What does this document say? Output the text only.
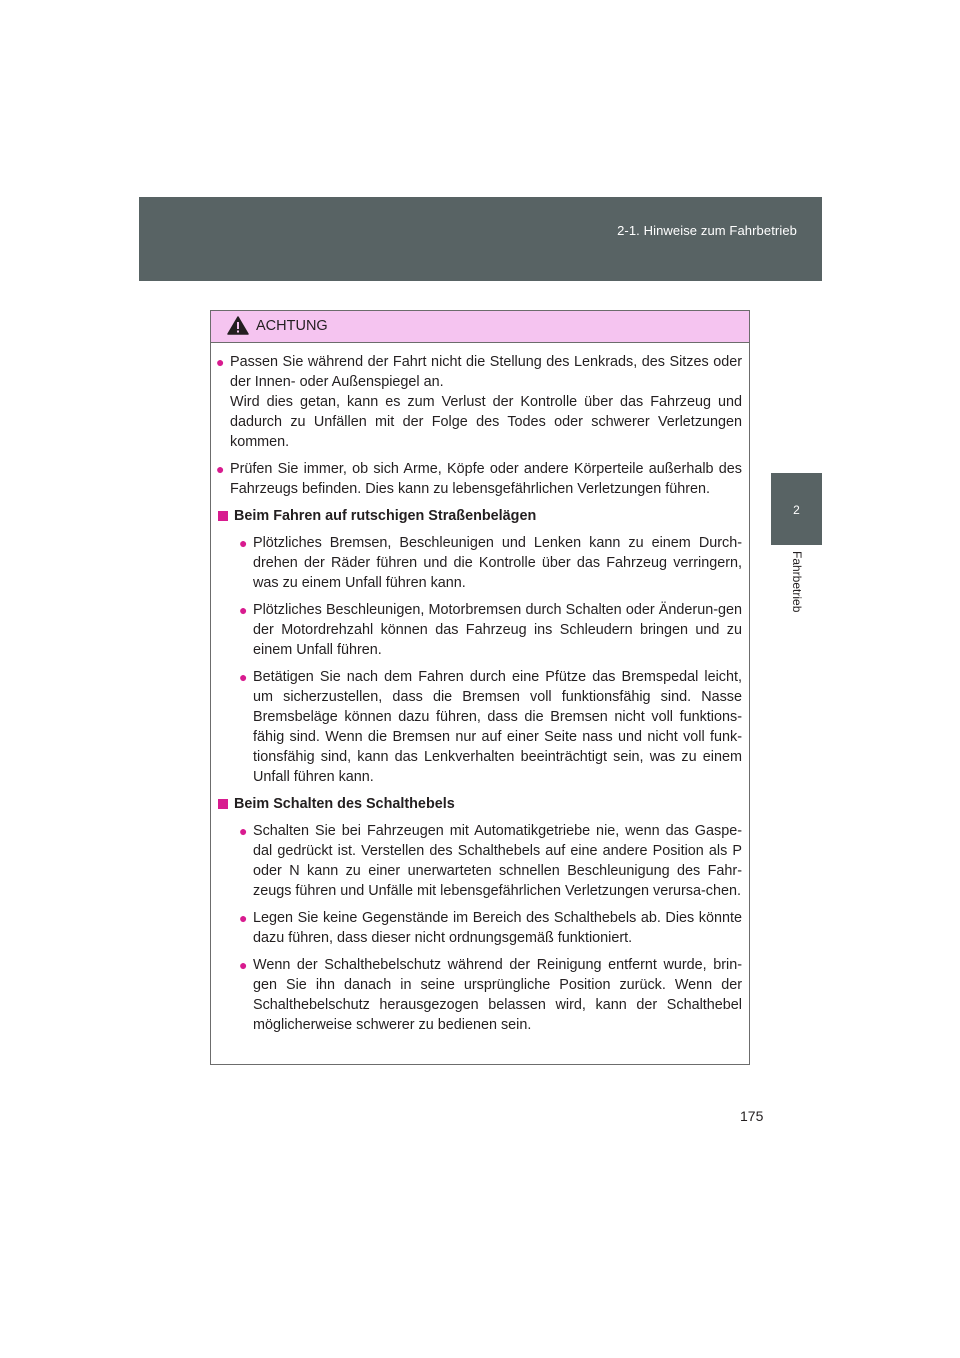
2-1. Hinweise zum Fahrbetrieb
2
Fahrbetrieb
ACHTUNG
● Passen Sie während der Fahrt nicht die Stellung des Lenkrads, des Sitzes oder der Innen- oder Außenspiegel an.
Wird dies getan, kann es zum Verlust der Kontrolle über das Fahrzeug und dadurch zu Unfällen mit der Folge des Todes oder schwerer Verletzungen kommen.
● Prüfen Sie immer, ob sich Arme, Köpfe oder andere Körperteile außerhalb des Fahrzeugs befinden. Dies kann zu lebensgefährlichen Verletzungen führen.
Beim Fahren auf rutschigen Straßenbelägen
● Plötzliches Bremsen, Beschleunigen und Lenken kann zu einem Durch-drehen der Räder führen und die Kontrolle über das Fahrzeug verringern, was zu einem Unfall führen kann.
● Plötzliches Beschleunigen, Motorbremsen durch Schalten oder Änderun-gen der Motordrehzahl können das Fahrzeug ins Schleudern bringen und zu einem Unfall führen.
● Betätigen Sie nach dem Fahren durch eine Pfütze das Bremspedal leicht, um sicherzustellen, dass die Bremsen voll funktionsfähig sind. Nasse Bremsbeläge können dazu führen, dass die Bremsen nicht voll funktions-fähig sind. Wenn die Bremsen nur auf einer Seite nass und nicht voll funk-tionsfähig sind, kann das Lenkverhalten beeinträchtigt sein, was zu einem Unfall führen kann.
Beim Schalten des Schalthebels
● Schalten Sie bei Fahrzeugen mit Automatikgetriebe nie, wenn das Gaspe-dal gedrückt ist. Verstellen des Schalthebels auf eine andere Position als P oder N kann zu einer unerwarteten schnellen Beschleunigung des Fahr-zeugs führen und Unfälle mit lebensgefährlichen Verletzungen verursa-chen.
● Legen Sie keine Gegenstände im Bereich des Schalthebels ab. Dies könnte dazu führen, dass dieser nicht ordnungsgemäß funktioniert.
● Wenn der Schalthebelschutz während der Reinigung entfernt wurde, brin-gen Sie ihn danach in seine ursprüngliche Position zurück. Wenn der Schalthebelschutz herausgezogen belassen wird, kann der Schalthebel möglicherweise schwerer zu bedienen sein.
175
